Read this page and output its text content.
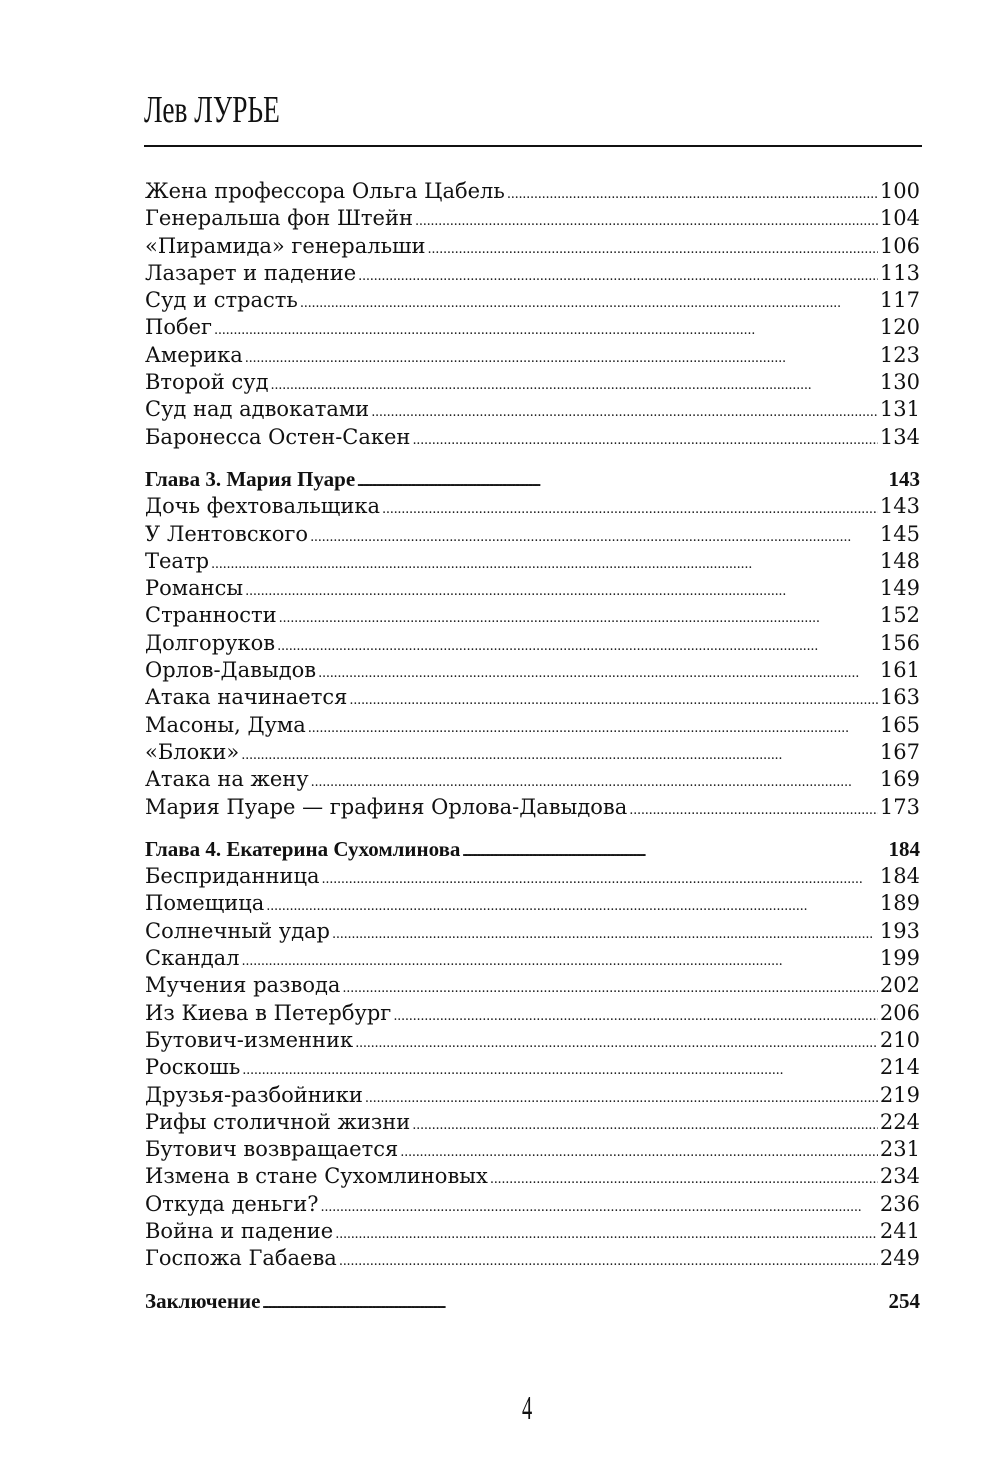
Лев ЛУРЬЕ
Жена профессора Ольга Цабель . . .	100
Генеральша фон Штейн . . .	104
«Пирамида» генеральши . . .	106
Лазарет и падение . . .	113
Суд и страсть . . .	117
Побег . . .	120
Америка . . .	123
Второй суд . . .	130
Суд над адвокатами . . .	131
Баронесса Остен-Сакен . . .	134
Глава 3. Мария Пуаре . . .	143
Дочь фехтовальщика . . .	143
У Лентовского . . .	145
Театр . . .	148
Романсы . . .	149
Странности . . .	152
Долгоруков . . .	156
Орлов-Давыдов . . .	161
Атака начинается . . .	163
Масоны, Дума . . .	165
«Блоки» . . .	167
Атака на жену . . .	169
Мария Пуаре — графиня Орлова-Давыдова . . .	173
Глава 4. Екатерина Сухомлинова . . .	184
Бесприданница . . .	184
Помещица . . .	189
Солнечный удар . . .	193
Скандал . . .	199
Мучения развода . . .	202
Из Киева в Петербург . . .	206
Бутович-изменник . . .	210
Роскошь . . .	214
Друзья-разбойники . . .	219
Рифы столичной жизни . . .	224
Бутович возвращается . . .	231
Измена в стане Сухомлиновых . . .	234
Откуда деньги? . . .	236
Война и падение . . .	241
Госпожа Габаева . . .	249
Заключение . . .	254
4
